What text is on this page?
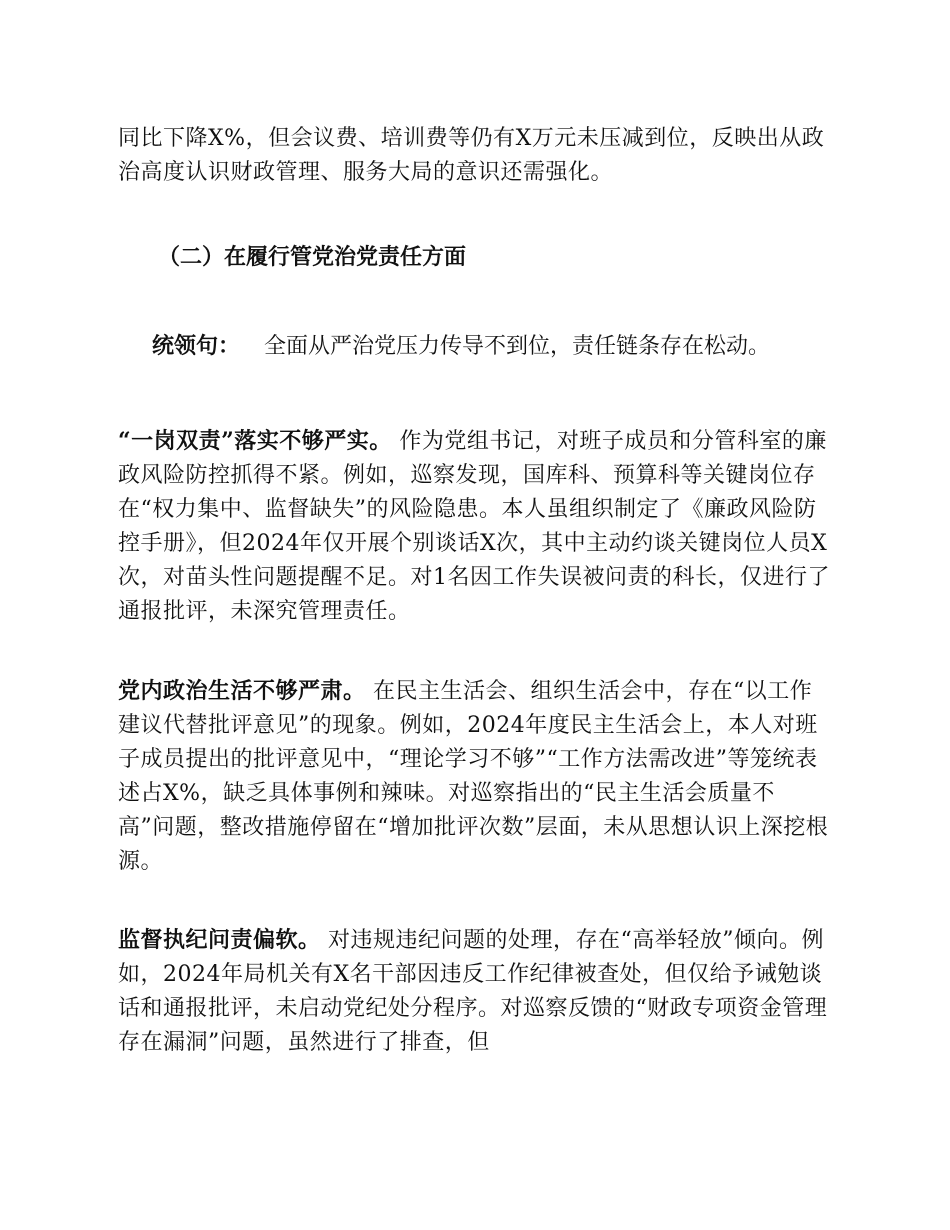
同比下降X%，但会议费、培训费等仍有X万元未压减到位，反映出从政治高度认识财政管理、服务大局的意识还需强化。
（二）在履行管党治党责任方面
统领句： 全面从严治党压力传导不到位，责任链条存在松动。
“一岗双责”落实不够严实。 作为党组书记，对班子成员和分管科室的廉政风险防控抓得不紧。例如，巡察发现，国库科、预算科等关键岗位存在“权力集中、监督缺失”的风险隐患。本人虽组织制定了《廉政风险防控手册》，但2024年仅开展个别谈话X次，其中主动约谈关键岗位人员X次，对苗头性问题提醒不足。对1名因工作失误被问责的科长，仅进行了通报批评，未深究管理责任。
党内政治生活不够严肃。 在民主生活会、组织生活会中，存在“以工作建议代替批评意见”的现象。例如，2024年度民主生活会上，本人对班子成员提出的批评意见中，“理论学习不够”“工作方法需改进”等笼统表述占X%，缺乏具体事例和辣味。对巡察指出的“民主生活会质量不高”问题，整改措施停留在“增加批评次数”层面，未从思想认识上深挖根源。
监督执纪问责偏软。 对违规违纪问题的处理，存在“高举轻放”倾向。例如，2024年局机关有X名干部因违反工作纪律被查处，但仅给予诫勉谈话和通报批评，未启动党纪处分程序。对巡察反馈的“财政专项资金管理存在漏洞”问题，虽然进行了排查，但
